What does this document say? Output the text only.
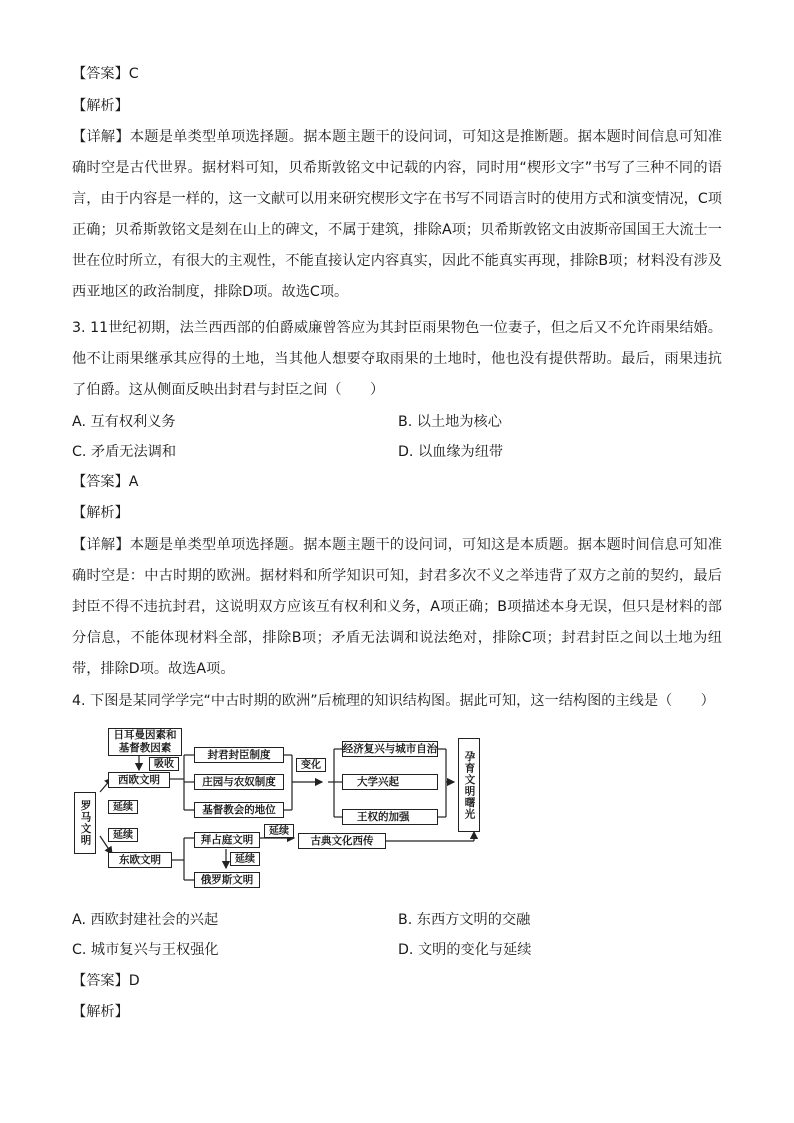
【答案】C
【解析】
【详解】本题是单类型单项选择题。据本题主题干的设问词，可知这是推断题。据本题时间信息可知准确时空是古代世界。据材料可知，贝希斯敦铭文中记载的内容，同时用“楔形文字”书写了三种不同的语言，由于内容是一样的，这一文献可以用来研究楔形文字在书写不同语言时的使用方式和演变情况，C项正确；贝希斯敦铭文是刻在山上的碑文，不属于建筑，排除A项；贝希斯敦铭文由波斯帝国国王大流士一世在位时所立，有很大的主观性，不能直接认定内容真实，因此不能真实再现，排除B项；材料没有涉及西亚地区的政治制度，排除D项。故选C项。
3. 11世纪初期，法兰西西部的伯爵威廉曾答应为其封臣雨果物色一位妻子，但之后又不允许雨果结婚。他不让雨果继承其应得的土地，当其他人想要夺取雨果的土地时，他也没有提供帮助。最后，雨果违抗了伯爵。这从侧面反映出封君与封臣之间（　　）
A. 互有权利义务	B. 以土地为核心
C. 矛盾无法调和	D. 以血缘为纽带
【答案】A
【解析】
【详解】本题是单类型单项选择题。据本题主题干的设问词，可知这是本质题。据本题时间信息可知准确时空是：中古时期的欧洲。据材料和所学知识可知，封君多次不义之举违背了双方之前的契约，最后封臣不得不违抗封君，这说明双方应该互有权利和义务，A项正确；B项描述本身无误，但只是材料的部分信息，不能体现材料全部，排除B项；矛盾无法调和说法绝对，排除C项；封君封臣之间以土地为纽带，排除D项。故选A项。
4. 下图是某同学学完“中古时期的欧洲”后梳理的知识结构图。据此可知，这一结构图的主线是（　　）
日耳曼因素和基督教因素
吸收
罗马文明
西欧文明
延续
延续
东欧文明
封君封臣制度
庄园与农奴制度
基督教会的地位
变化
经济复兴与城市自治
大学兴起
王权的加强	孕育文明曙光
拜占庭文明
延续
延续
古典文化西传
俄罗斯文明
A. 西欧封建社会的兴起	B. 东西方文明的交融
C. 城市复兴与王权强化	D. 文明的变化与延续
【答案】D
【解析】
